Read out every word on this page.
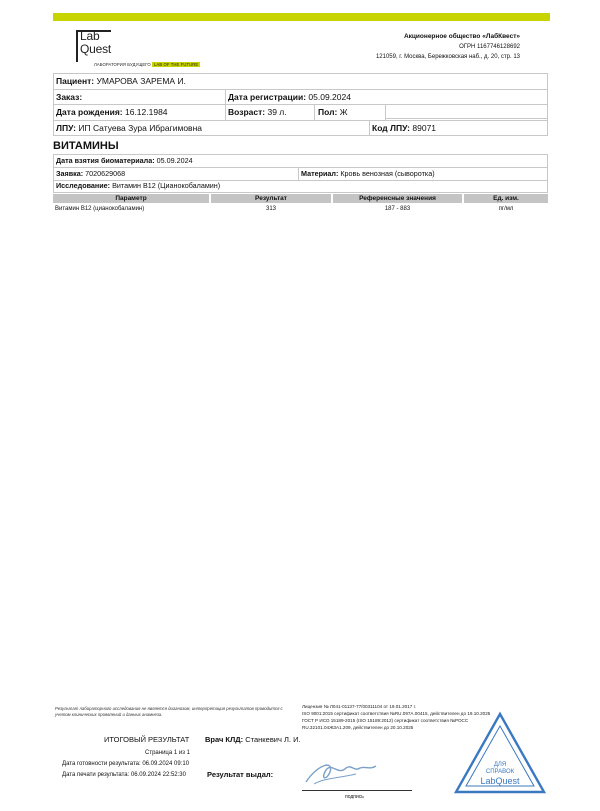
Lab
Quest
ЛАБОРАТОРИЯ БУДУЩЕГО LAB OF THE FUTURE
Акционерное общество «ЛабКвест»
ОГРН 1167746128692
121059, г. Москва, Бережковская наб., д. 20, стр. 13
Пациент: УМАРОВА ЗАРЕМА И.
Заказ:	Дата регистрации: 05.09.2024
Дата рождения: 16.12.1984	Возраст: 39 л.	Пол: Ж
ЛПУ: ИП Сатуева Зура Ибрагимовна	Код ЛПУ: 89071
ВИТАМИНЫ
Дата взятия биоматериала: 05.09.2024
Заявка: 7020629068	Материал: Кровь венозная (сыворотка)
Исследование: Витамин B12 (Цианокобаламин)
Параметр	Результат	Референсные значения	Ед. изм.
Витамин B12 (цианокобаламин)	313	187 - 883	пг/мл
Результат лабораторного исследования не является диагнозом, интерпретация результатов проводится с учетом клинических проявлений и данных анамнеза.
Лицензия № Л041-01137-77/00311104 от 19.01.2017 г.
ISO 9001:2015 сертификат соответствия №RU.097A.00415, действителен до 19.10.2025
ГОСТ Р ИСО 15189-2015 (ISO 15189:2012) сертификат соответствия №РОСС
RU.32101.04ЖЗА1.209, действителен до 20.10.2025
ИТОГОВЫЙ РЕЗУЛЬТАТ Врач КЛД: Станкевич Л. И.
Страница 1 из 1
Дата готовности результата: 06.09.2024 09:10
Дата печати результата: 06.09.2024 22:52:30	Результат выдал:
подпись
ДЛЯ
СПРАВОК
LabQuest
